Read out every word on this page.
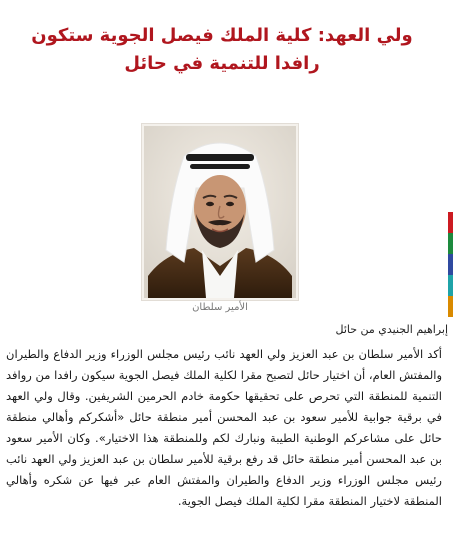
ولي العهد: كلية الملك فيصل الجوية ستكون رافدا للتنمية في حائل
الأمير سلطان
إبراهيم الجنيدي من حائل

أكد الأمير سلطان بن عبد العزيز ولي العهد نائب رئيس مجلس الوزراء وزير الدفاع والطيران والمفتش العام، أن اختيار حائل لتصبح مقرا لكلية الملك فيصل الجوية سيكون رافدا من روافد التنمية للمنطقة التي تحرص على تحقيقها حكومة خادم الحرمين الشريفين. وقال ولي العهد في برقية جوابية للأمير سعود بن عبد المحسن أمير منطقة حائل «أشكركم وأهالي منطقة حائل على مشاعركم الوطنية الطيبة ونبارك لكم وللمنطقة هذا الاختيار». وكان الأمير سعود بن عبد المحسن أمير منطقة حائل قد رفع برقية للأمير سلطان بن عبد العزيز ولي العهد نائب رئيس مجلس الوزراء وزير الدفاع والطيران والمفتش العام عبر فيها عن شكره وأهالي المنطقة لاختيار المنطقة مقرا لكلية الملك فيصل الجوية.
